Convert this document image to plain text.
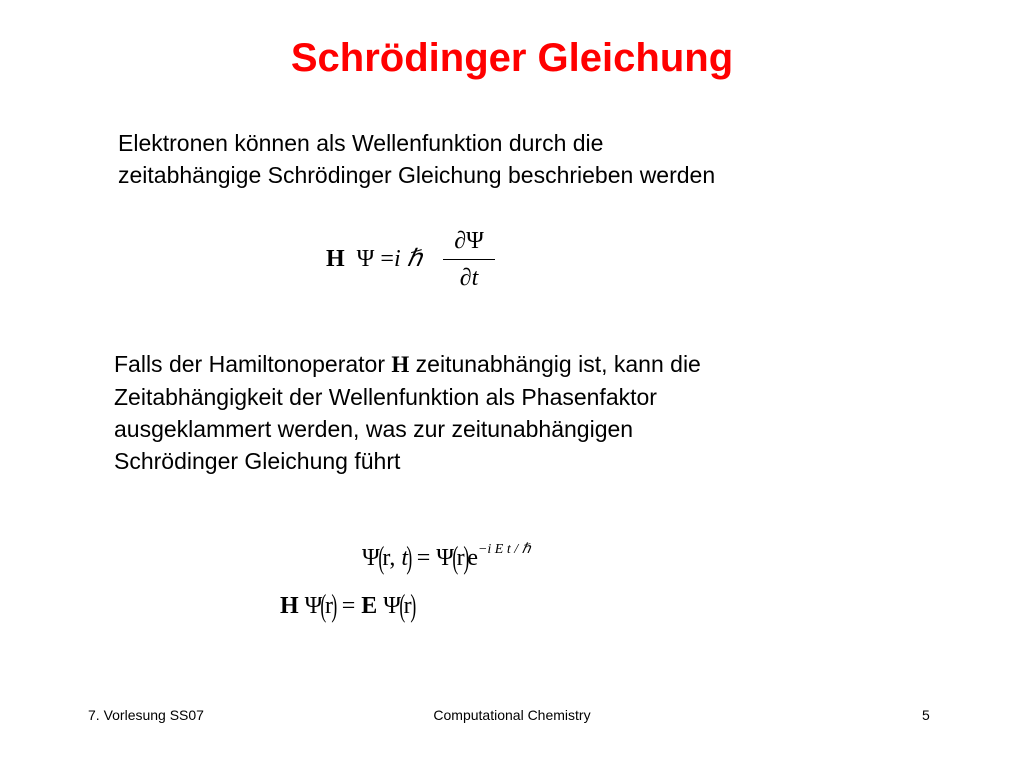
Schrödinger Gleichung

Elektronen können als Wellenfunktion durch die
zeitabhängige Schrödinger Gleichung beschrieben werden

H Ψ =i ℏ
∂Ψ
∂t

Falls der Hamiltonoperator H zeitunabhängig ist, kann die
Zeitabhängigkeit der Wellenfunktion als Phasenfaktor
ausgeklammert werden, was zur zeitunabhängigen
Schrödinger Gleichung führt

Ψ(r, $t) = \Psi(r)e^{-i E t / \hbar}$
H Ψ(r) = E Ψ(r)
7. Vorlesung SS07	Computational Chemistry	5
